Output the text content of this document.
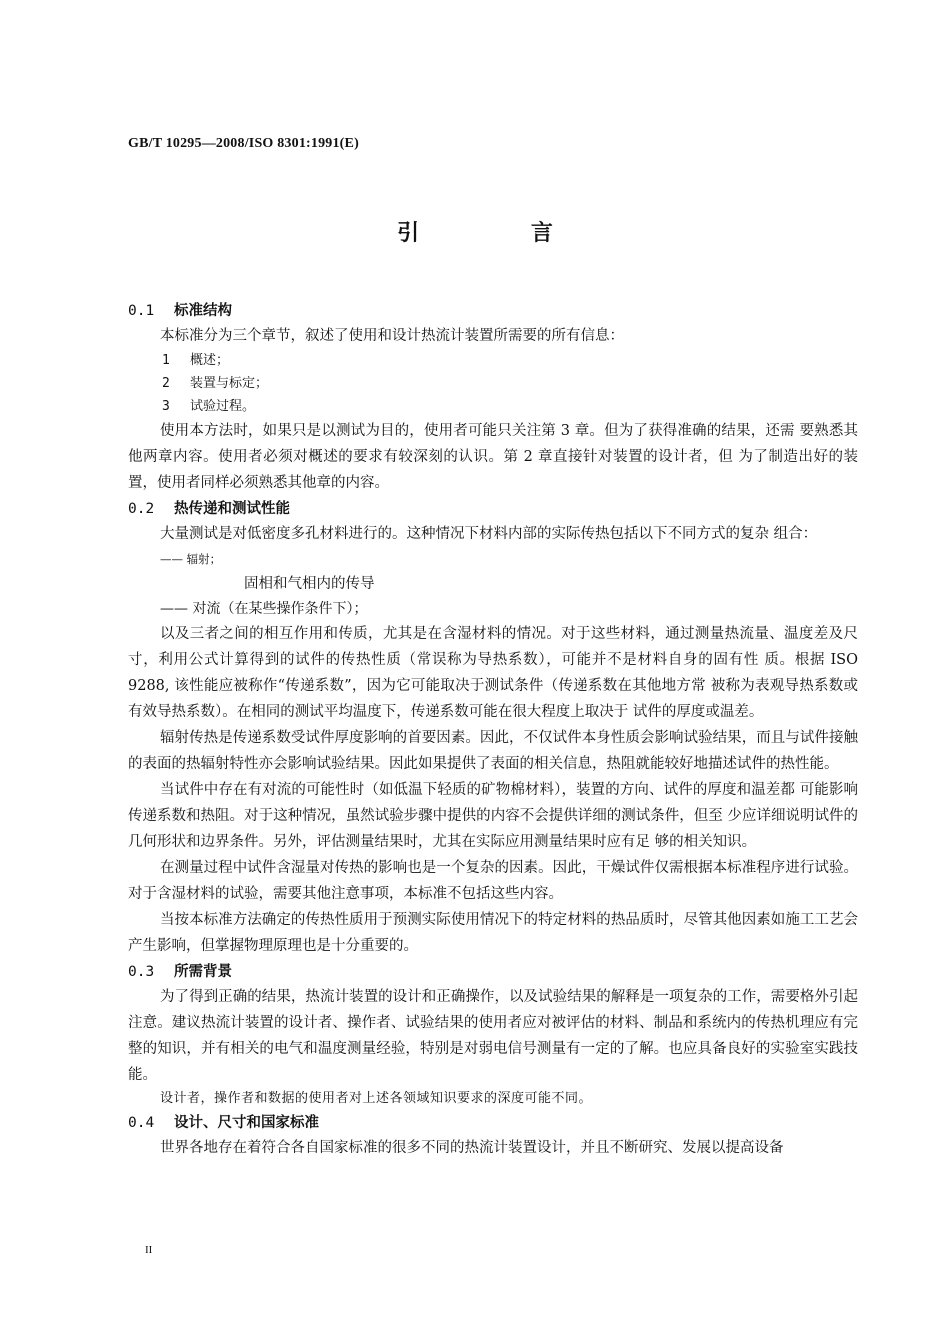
GB/T 10295—2008/ISO 8301:1991(E)
引 言
0.1 标准结构

本标准分为三个章节，叙述了使用和设计热流计装置所需要的所有信息：

1 概述；

2 装置与标定；

3 试验过程。

使用本方法时，如果只是以测试为目的，使用者可能只关注第 3 章。但为了获得准确的结果，还需 要熟悉其他两章内容。使用者必须对概述的要求有较深刻的认识。第 2 章直接针对装置的设计者，但 为了制造出好的装置，使用者同样必须熟悉其他章的内容。

0.2 热传递和测试性能

大量测试是对低密度多孔材料进行的。这种情况下材料内部的实际传热包括以下不同方式的复杂 组合：

—— 辐射；

固相和气相内的传导

—— 对流（在某些操作条件下）；

以及三者之间的相互作用和传质，尤其是在含湿材料的情况。对于这些材料，通过测量热流量、温度差及尺寸，利用公式计算得到的试件的传热性质（常误称为导热系数），可能并不是材料自身的固有性 质。根据 ISO 9288, 该性能应被称作“传递系数”，因为它可能取决于测试条件（传递系数在其他地方常 被称为表观导热系数或有效导热系数）。在相同的测试平均温度下，传递系数可能在很大程度上取决于 试件的厚度或温差。

辐射传热是传递系数受试件厚度影响的首要因素。因此，不仅试件本身性质会影响试验结果，而且与试件接触的表面的热辐射特性亦会影响试验结果。因此如果提供了表面的相关信息，热阻就能较好地描述试件的热性能。

当试件中存在有对流的可能性时（如低温下轻质的矿物棉材料），装置的方向、试件的厚度和温差都 可能影响传递系数和热阻。对于这种情况，虽然试验步骤中提供的内容不会提供详细的测试条件，但至 少应详细说明试件的几何形状和边界条件。另外，评估测量结果时，尤其在实际应用测量结果时应有足 够的相关知识。

在测量过程中试件含湿量对传热的影响也是一个复杂的因素。因此，干燥试件仅需根据本标准程序进行试验。对于含湿材料的试验，需要其他注意事项，本标准不包括这些内容。

当按本标准方法确定的传热性质用于预测实际使用情况下的特定材料的热品质时，尽管其他因素如施工工艺会产生影响，但掌握物理原理也是十分重要的。

0.3 所需背景

为了得到正确的结果，热流计装置的设计和正确操作，以及试验结果的解释是一项复杂的工作，需要格外引起注意。建议热流计装置的设计者、操作者、试验结果的使用者应对被评估的材料、制品和系统内的传热机理应有完整的知识，并有相关的电气和温度测量经验，特别是对弱电信号测量有一定的了解。也应具备良好的实验室实践技能。

设计者，操作者和数据的使用者对上述各领域知识要求的深度可能不同。

0.4 设计、尺寸和国家标准

世界各地存在着符合各自国家标准的很多不同的热流计装置设计，并且不断研究、发展以提高设备

II
